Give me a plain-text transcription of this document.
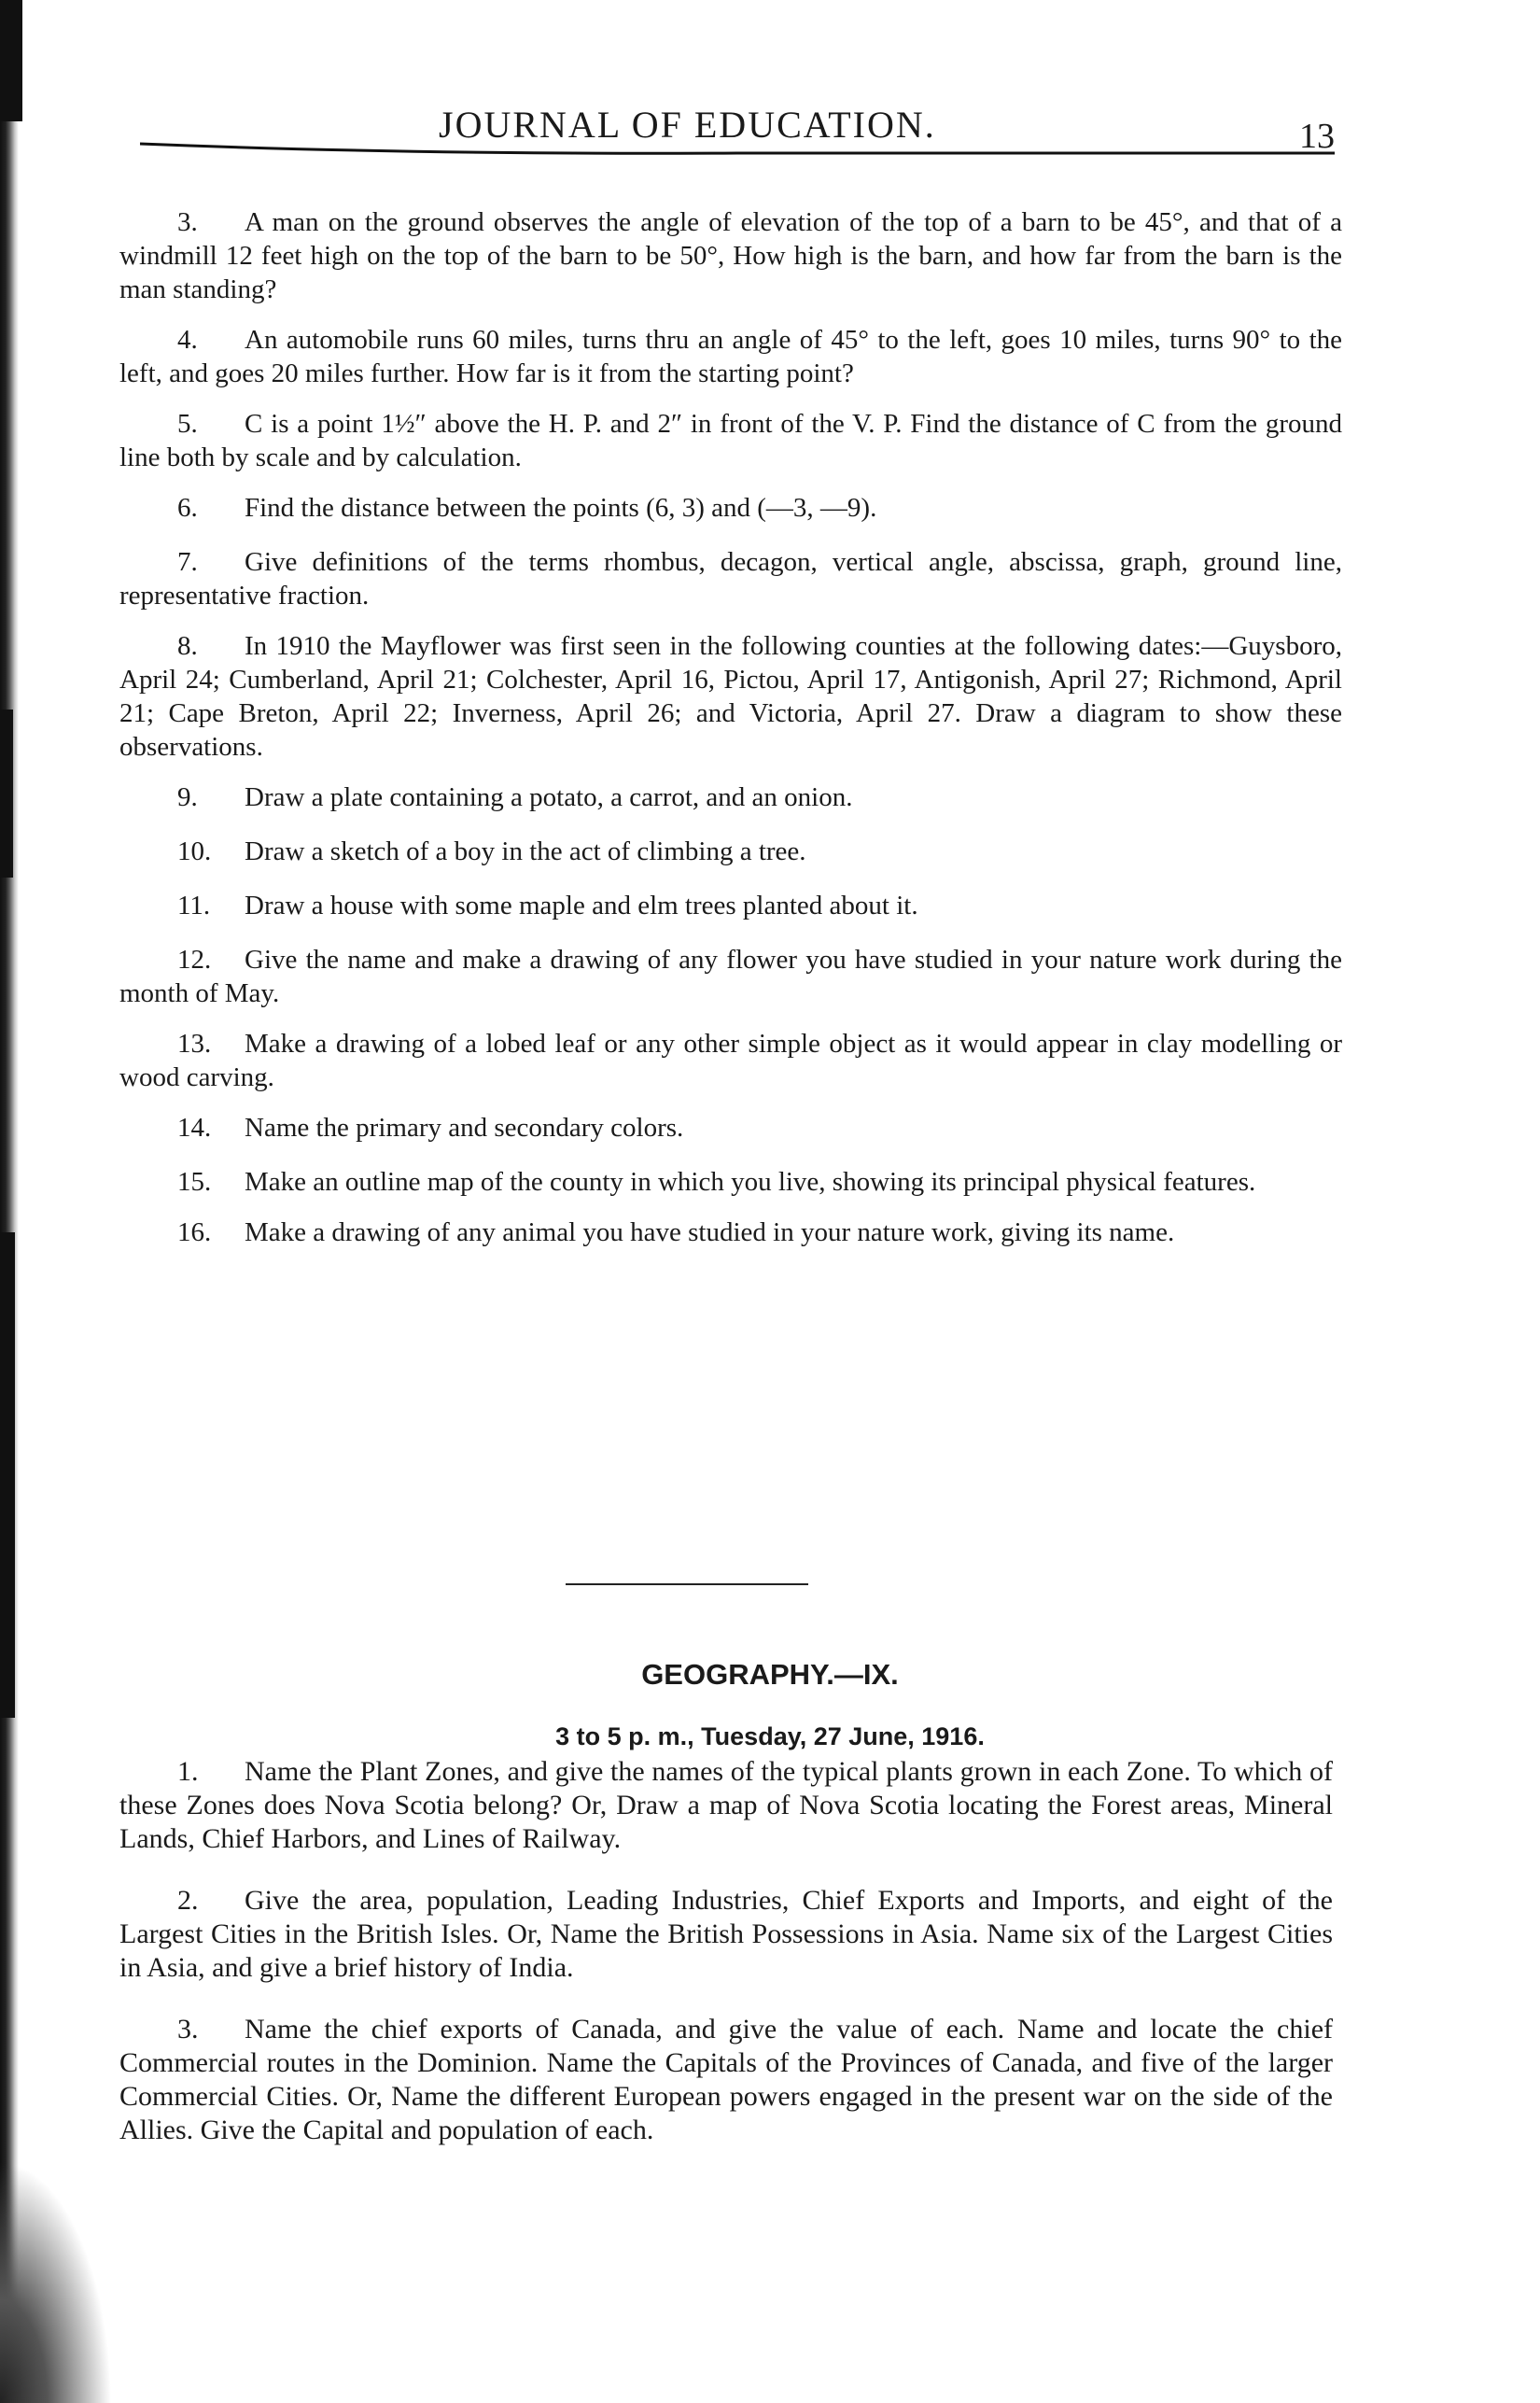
JOURNAL OF EDUCATION.	13
3. A man on the ground observes the angle of elevation of the top of a barn to be 45°, and that of a windmill 12 feet high on the top of the barn to be 50°, How high is the barn, and how far from the barn is the man standing?
4. An automobile runs 60 miles, turns thru an angle of 45° to the left, goes 10 miles, turns 90° to the left, and goes 20 miles further. How far is it from the starting point?
5. C is a point 1½″ above the H. P. and 2″ in front of the V. P. Find the distance of C from the ground line both by scale and by calculation.
6. Find the distance between the points (6, 3) and (—3, —9).
7. Give definitions of the terms rhombus, decagon, vertical angle, abscissa, graph, ground line, representative fraction.
8. In 1910 the Mayflower was first seen in the following counties at the following dates:—Guysboro, April 24; Cumberland, April 21; Colchester, April 16, Pictou, April 17, Antigonish, April 27; Richmond, April 21; Cape Breton, April 22; Inverness, April 26; and Victoria, April 27. Draw a diagram to show these observations.
9. Draw a plate containing a potato, a carrot, and an onion.
10. Draw a sketch of a boy in the act of climbing a tree.
11. Draw a house with some maple and elm trees planted about it.
12. Give the name and make a drawing of any flower you have studied in your nature work during the month of May.
13. Make a drawing of a lobed leaf or any other simple object as it would appear in clay modelling or wood carving.
14. Name the primary and secondary colors.
15. Make an outline map of the county in which you live, showing its principal physical features.
16. Make a drawing of any animal you have studied in your nature work, giving its name.
GEOGRAPHY.—IX.
3 to 5 p. m., Tuesday, 27 June, 1916.
1. Name the Plant Zones, and give the names of the typical plants grown in each Zone. To which of these Zones does Nova Scotia belong? Or, Draw a map of Nova Scotia locating the Forest areas, Mineral Lands, Chief Harbors, and Lines of Railway.
2. Give the area, population, Leading Industries, Chief Exports and Imports, and eight of the Largest Cities in the British Isles. Or, Name the British Possessions in Asia. Name six of the Largest Cities in Asia, and give a brief history of India.
3. Name the chief exports of Canada, and give the value of each. Name and locate the chief Commercial routes in the Dominion. Name the Capitals of the Provinces of Canada, and five of the larger Commercial Cities. Or, Name the different European powers engaged in the present war on the side of the Allies. Give the Capital and population of each.
